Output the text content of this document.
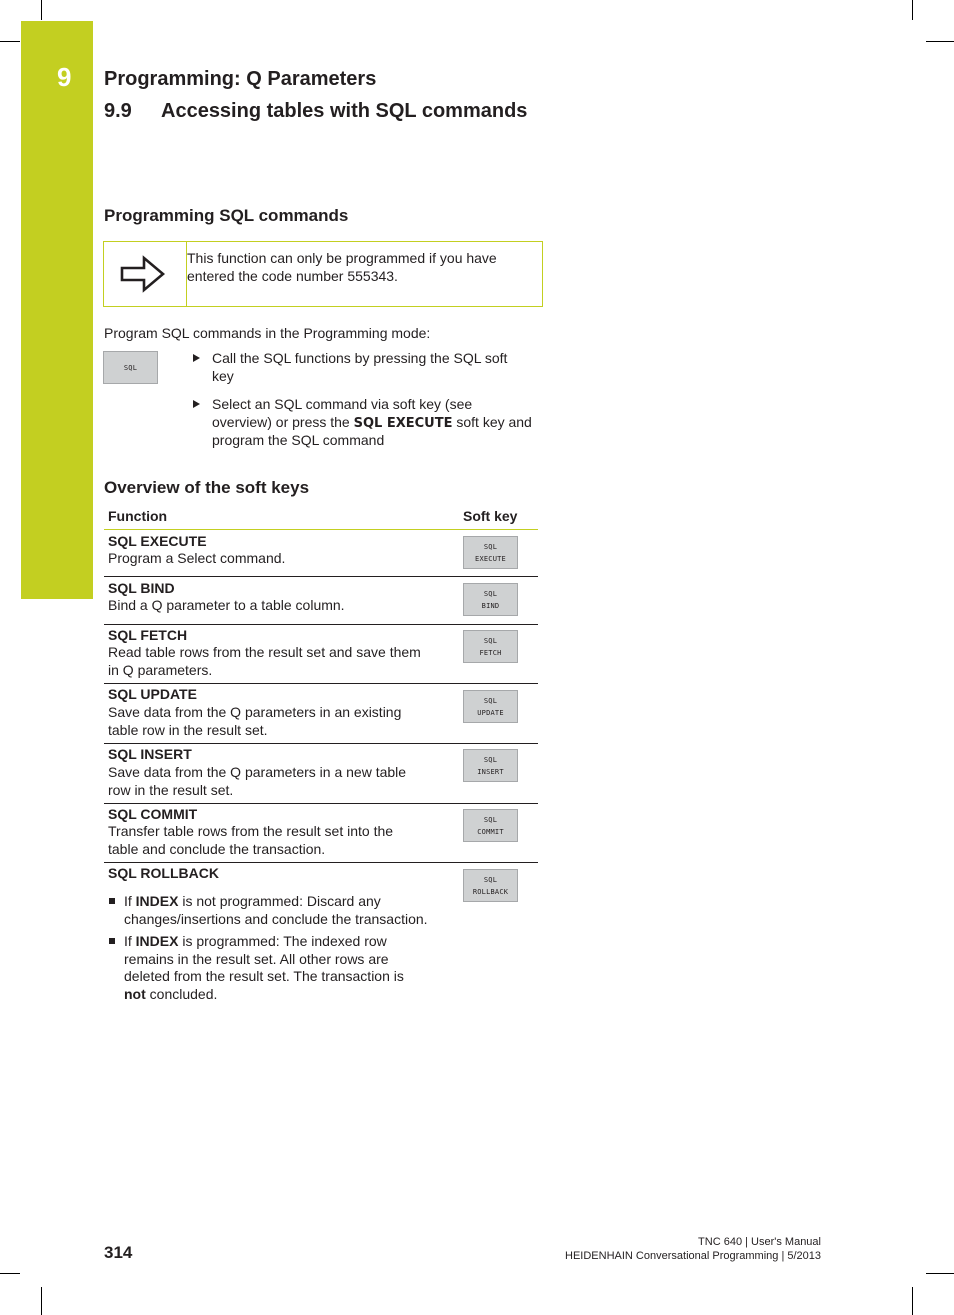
9 Programming: Q Parameters
9.9 Accessing tables with SQL commands
Programming SQL commands
This function can only be programmed if you have
entered the code number 555343.
Program SQL commands in the Programming mode:
SQL
Call the SQL functions by pressing the SQL soft
key
Select an SQL command via soft key (see
overview) or press the SQL EXECUTE soft key and
program the SQL command
Overview of the soft keys
Function	Soft key
SQL EXECUTE
Program a Select command.
SQL
EXECUTE
SQL BIND
Bind a Q parameter to a table column.
SQL
BIND
SQL FETCH
Read table rows from the result set and save them
in Q parameters.
SQL
FETCH
SQL UPDATE
Save data from the Q parameters in an existing
table row in the result set.
SQL
UPDATE
SQL INSERT
Save data from the Q parameters in a new table
row in the result set.
SQL
INSERT
SQL COMMIT
Transfer table rows from the result set into the
table and conclude the transaction.
SQL
COMMIT
SQL ROLLBACK	SQL
ROLLBACK
If INDEX is not programmed: Discard any
changes/insertions and conclude the transaction.
If INDEX is programmed: The indexed row
remains in the result set. All other rows are
deleted from the result set. The transaction is
not concluded.
314
TNC 640 | User's Manual
HEIDENHAIN Conversational Programming | 5/2013
